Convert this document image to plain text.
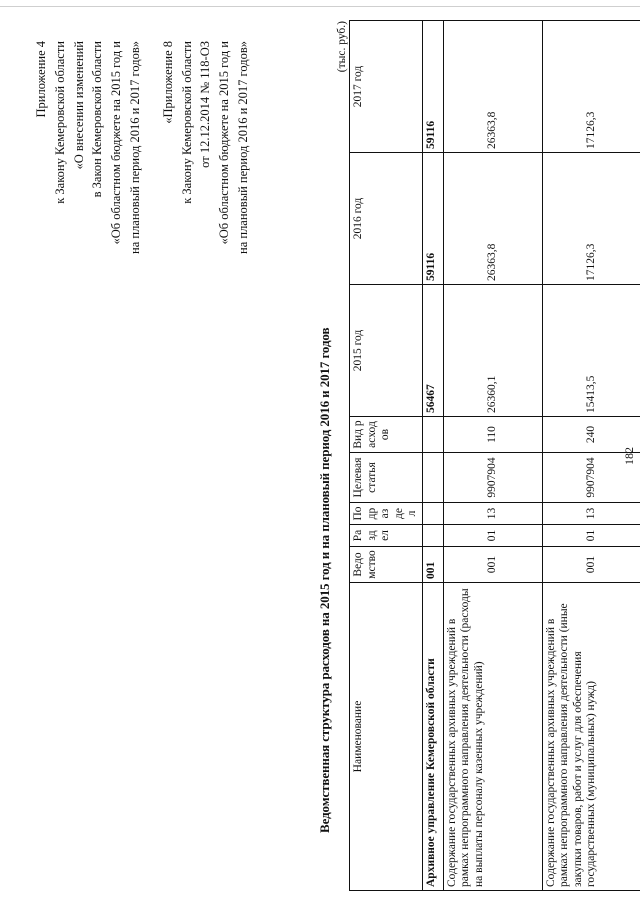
182
Приложение 4 к Закону Кемеровской области «О внесении изменений в Закон Кемеровской области «Об областном бюджете на 2015 год и на плановый период 2016 и 2017 годов» «Приложение 8 к Закону Кемеровской области от 12.12.2014 № 118-ОЗ «Об областном бюджете на 2015 год и на плановый период 2016 и 2017 годов»
Ведомственная структура расходов на 2015 год и на плановый период 2016 и 2017 годов
(тыс. руб.)
Наименование	Ведомство	Раздел	Подраздел	Целевая статья	Вид расходов	2015 год	2016 год	2017 год
Архивное управление Кемеровской области	001					56467	59116	59116
Содержание государственных архивных учреждений в рамках непрограммного направления деятельности (расходы на выплаты персоналу казенных учреждений)	001	01	13	9907904	110	26360,1	26363,8	26363,8
Содержание государственных архивных учреждений в рамках непрограммного направления деятельности (иные закупки товаров, работ и услуг для обеспечения государственных (муниципальных) нужд)	001	01	13	9907904	240	15413,5	17126,3	17126,3
